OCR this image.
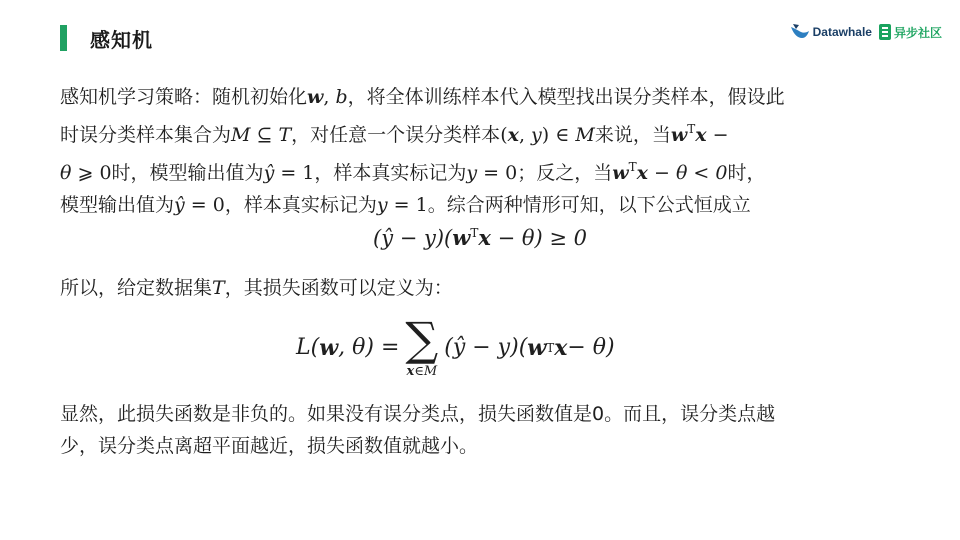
感知机	Datawhale 异步社区
感知机学习策略：随机初始化w, b，将全体训练样本代入模型找出误分类样本，假设此
时误分类样本集合为M ⊆ T，对任意一个误分类样本(x, y) ∈ M来说，当$w^Tx$ −
θ ⩾ 0时，模型输出值为ŷ = 1，样本真实标记为y = 0；反之，当$w^Tx - \theta < 0$时，
模型输出值为ŷ = 0，样本真实标记为y = 1。综合两种情形可知，以下公式恒成立
(ŷ − $y)(w^Tx - \theta) \ge 0$
所以，给定数据集T，其损失函数可以定义为：
L( w , θ) = ∑
x∈M
(ŷ − y)( w T x − θ)
显然，此损失函数是非负的。如果没有误分类点，损失函数值是0。而且，误分类点越
少，误分类点离超平面越近，损失函数值就越小。
